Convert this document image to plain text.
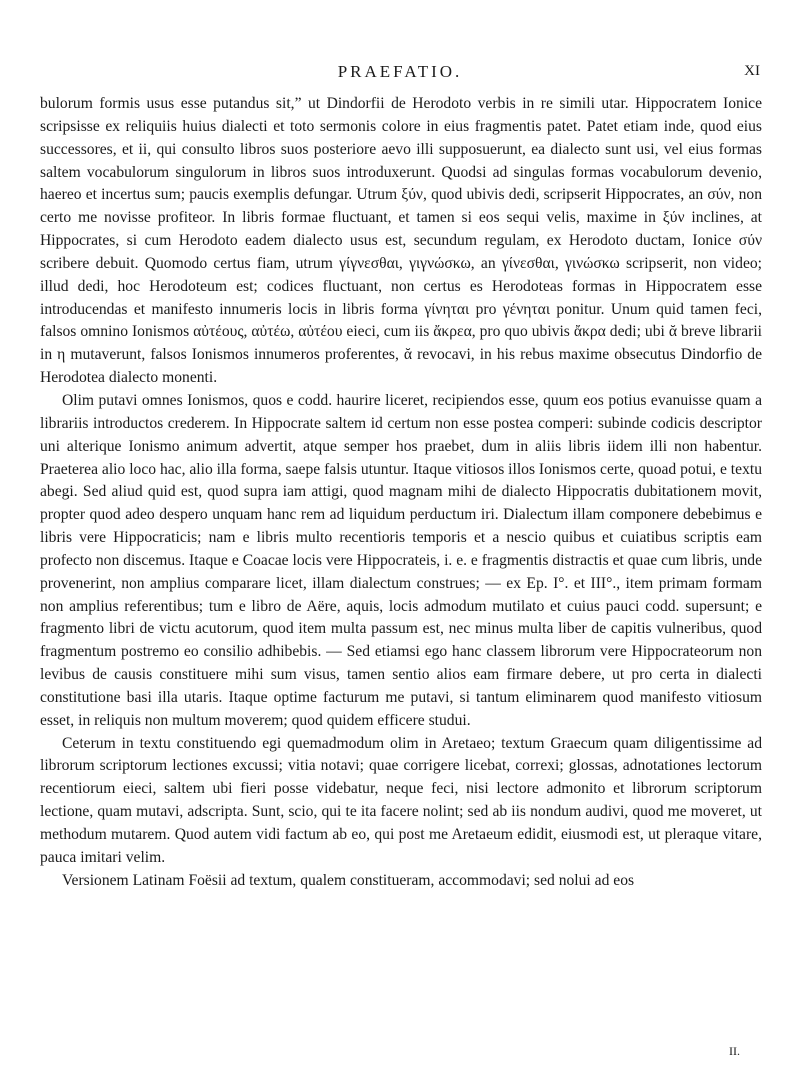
PRAEFATIO.	XI

bulorum formis usus esse putandus sit,” ut Dindorfii de Herodoto verbis in re simili utar. Hippocratem Ionice scripsisse ex reliquiis huius dialecti et toto sermonis colore in eius fragmentis patet. Patet etiam inde, quod eius successores, et ii, qui consulto libros suos posteriore aevo illi supposuerunt, ea dialecto sunt usi, vel eius formas saltem vocabulorum singulorum in libros suos introduxerunt. Quodsi ad singulas formas vocabulorum devenio, haereo et incertus sum; paucis exemplis defungar. Utrum ξύν, quod ubivis dedi, scripserit Hippocrates, an σύν, non certo me novisse profiteor. In libris formae fluctuant, et tamen si eos sequi velis, maxime in ξύν inclines, at Hippocrates, si cum Herodoto eadem dialecto usus est, secundum regulam, ex Herodoto ductam, Ionice σύν scribere debuit. Quomodo certus fiam, utrum γίγνεσθαι, γιγνώσκω, an γίνεσθαι, γινώσκω scripserit, non video; illud dedi, hoc Herodoteum est; codices fluctuant, non certus es Herodoteas formas in Hippocratem esse introducendas et manifesto innumeris locis in libris forma γίνηται pro γένηται ponitur. Unum quid tamen feci, falsos omnino Ionismos αὐτέους, αὐτέω, αὐτέου eieci, cum iis ἄκρεα, pro quo ubivis ἄκρα dedi; ubi ᾰ breve librarii in η mutaverunt, falsos Ionismos innumeros proferentes, ᾰ revocavi, in his rebus maxime obsecutus Dindorfio de Herodotea dialecto monenti.

Olim putavi omnes Ionismos, quos e codd. haurire liceret, recipiendos esse, quum eos potius evanuisse quam a librariis introductos crederem. In Hippocrate saltem id certum non esse postea comperi: subinde codicis descriptor uni alterique Ionismo animum advertit, atque semper hos praebet, dum in aliis libris iidem illi non habentur. Praeterea alio loco hac, alio illa forma, saepe falsis utuntur. Itaque vitiosos illos Ionismos certe, quoad potui, e textu abegi. Sed aliud quid est, quod supra iam attigi, quod magnam mihi de dialecto Hippocratis dubitationem movit, propter quod adeo despero unquam hanc rem ad liquidum perductum iri. Dialectum illam componere debebimus e libris vere Hippocraticis; nam e libris multo recentioris temporis et a nescio quibus et cuiatibus scriptis eam profecto non discemus. Itaque e Coacae locis vere Hippocrateis, i. e. e fragmentis distractis et quae cum libris, unde provenerint, non amplius comparare licet, illam dialectum construes; — ex Ep. I°. et III°., item primam formam non amplius referentibus; tum e libro de Aëre, aquis, locis admodum mutilato et cuius pauci codd. supersunt; e fragmento libri de victu acutorum, quod item multa passum est, nec minus multa liber de capitis vulneribus, quod fragmentum postremo eo consilio adhibebis. — Sed etiamsi ego hanc classem librorum vere Hippocrateorum non levibus de causis constituere mihi sum visus, tamen sentio alios eam firmare debere, ut pro certa in dialecti constitutione basi illa utaris. Itaque optime facturum me putavi, si tantum eliminarem quod manifesto vitiosum esset, in reliquis non multum moverem; quod quidem efficere studui.

Ceterum in textu constituendo egi quemadmodum olim in Aretaeo; textum Graecum quam diligentissime ad librorum scriptorum lectiones excussi; vitia notavi; quae corrigere licebat, correxi; glossas, adnotationes lectorum recentiorum eieci, saltem ubi fieri posse videbatur, neque feci, nisi lectore admonito et librorum scriptorum lectione, quam mutavi, adscripta. Sunt, scio, qui te ita facere nolint; sed ab iis nondum audivi, quod me moveret, ut methodum mutarem. Quod autem vidi factum ab eo, qui post me Aretaeum edidit, eiusmodi est, ut pleraque vitare, pauca imitari velim.

Versionem Latinam Foësii ad textum, qualem constitueram, accommodavi; sed nolui ad eos

II.
